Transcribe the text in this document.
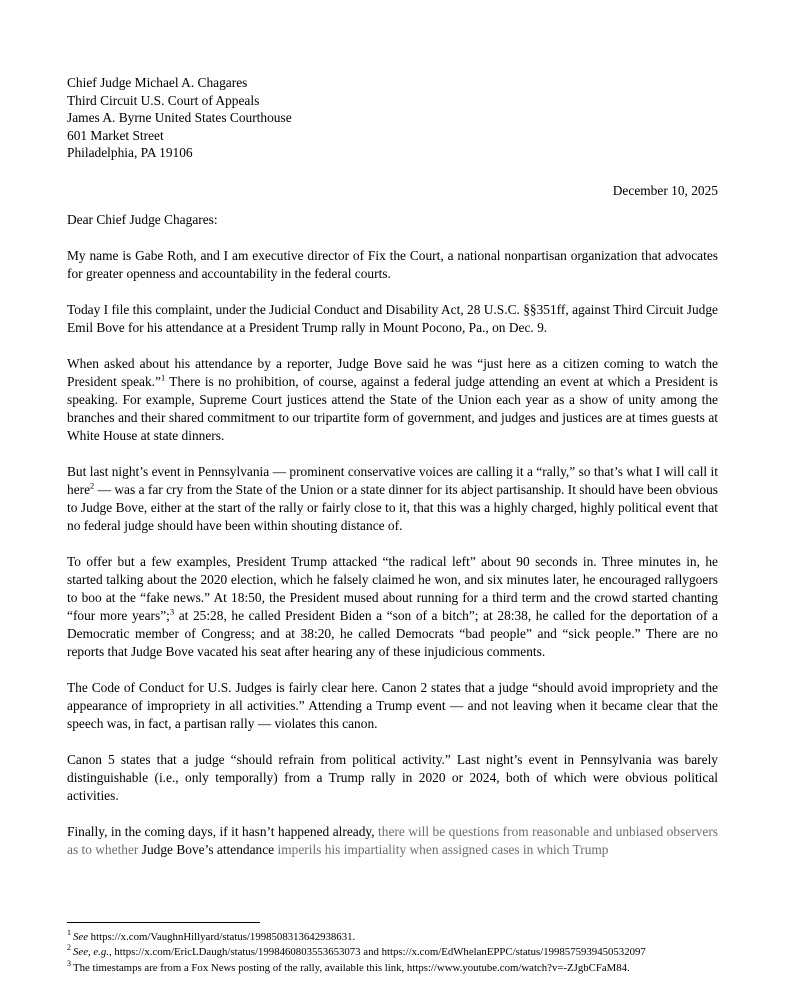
Chief Judge Michael A. Chagares
Third Circuit U.S. Court of Appeals
James A. Byrne United States Courthouse
601 Market Street
Philadelphia, PA 19106
December 10, 2025
Dear Chief Judge Chagares:

My name is Gabe Roth, and I am executive director of Fix the Court, a national nonpartisan organization that advocates for greater openness and accountability in the federal courts.

Today I file this complaint, under the Judicial Conduct and Disability Act, 28 U.S.C. §§351ff, against Third Circuit Judge Emil Bove for his attendance at a President Trump rally in Mount Pocono, Pa., on Dec. 9.

When asked about his attendance by a reporter, Judge Bove said he was “just here as a citizen coming to watch the President speak.”$^1$ There is no prohibition, of course, against a federal judge attending an event at which a President is speaking. For example, Supreme Court justices attend the State of the Union each year as a show of unity among the branches and their shared commitment to our tripartite form of government, and judges and justices are at times guests at White House at state dinners.

But last night’s event in Pennsylvania — prominent conservative voices are calling it a “rally,” so that’s what I will call it here$^2$ — was a far cry from the State of the Union or a state dinner for its abject partisanship. It should have been obvious to Judge Bove, either at the start of the rally or fairly close to it, that this was a highly charged, highly political event that no federal judge should have been within shouting distance of.

To offer but a few examples, President Trump attacked “the radical left” about 90 seconds in. Three minutes in, he started talking about the 2020 election, which he falsely claimed he won, and six minutes later, he encouraged rallygoers to boo at the “fake news.” At 18:50, the President mused about running for a third term and the crowd started chanting “four more years”;$^3$ at 25:28, he called President Biden a “son of a bitch”; at 28:38, he called for the deportation of a Democratic member of Congress; and at 38:20, he called Democrats “bad people” and “sick people.” There are no reports that Judge Bove vacated his seat after hearing any of these injudicious comments.

The Code of Conduct for U.S. Judges is fairly clear here. Canon 2 states that a judge “should avoid impropriety and the appearance of impropriety in all activities.” Attending a Trump event — and not leaving when it became clear that the speech was, in fact, a partisan rally — violates this canon.

Canon 5 states that a judge “should refrain from political activity.” Last night’s event in Pennsylvania was barely distinguishable (i.e., only temporally) from a Trump rally in 2020 or 2024, both of which were obvious political activities.

Finally, in the coming days, if it hasn’t happened already, there will be questions from reasonable and unbiased observers as to whether Judge Bove’s attendance imperils his impartiality when assigned cases in which Trump

$^1$ See https://x.com/VaughnHillyard/status/1998508313642938631.
$^2$ See, e.g., https://x.com/EricLDaugh/status/1998460803553653073 and https://x.com/EdWhelanEPPC/status/1998575939450532097
$^3$ The timestamps are from a Fox News posting of the rally, available this link, https://www.youtube.com/watch?v=-ZJgbCFaM84.
